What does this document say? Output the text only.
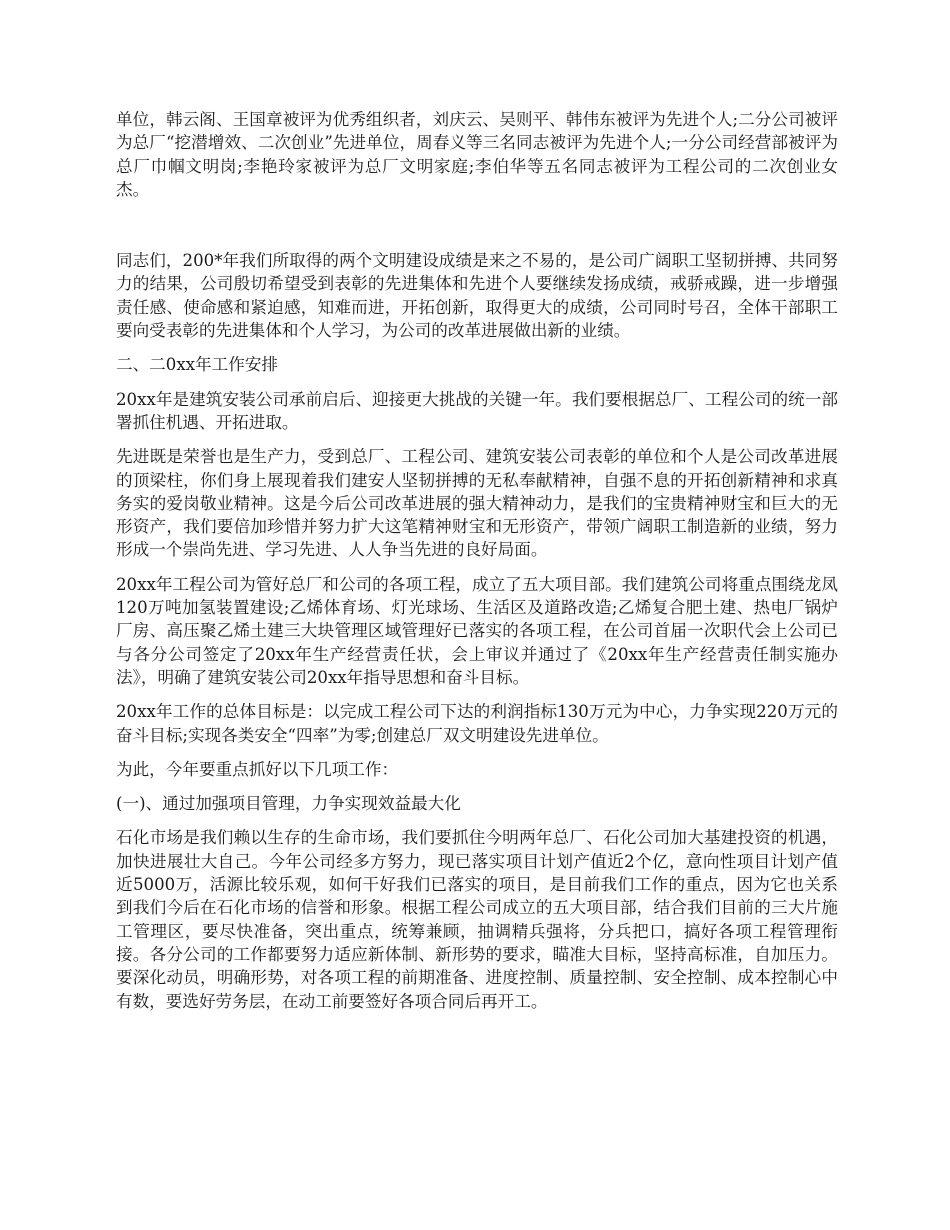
单位，韩云阁、王国章被评为优秀组织者，刘庆云、吴则平、韩伟东被评为先进个人;二分公司被评为总厂“挖潜增效、二次创业”先进单位，周春义等三名同志被评为先进个人;一分公司经营部被评为总厂巾帼文明岗;李艳玲家被评为总厂文明家庭;李伯华等五名同志被评为工程公司的二次创业女杰。

同志们，200*年我们所取得的两个文明建设成绩是来之不易的，是公司广阔职工坚韧拼搏、共同努力的结果，公司殷切希望受到表彰的先进集体和先进个人要继续发扬成绩，戒骄戒躁，进一步增强责任感、使命感和紧迫感，知难而进，开拓创新，取得更大的成绩，公司同时号召，全体干部职工要向受表彰的先进集体和个人学习，为公司的改革进展做出新的业绩。

二、二0xx年工作安排

20xx年是建筑安装公司承前启后、迎接更大挑战的关键一年。我们要根据总厂、工程公司的统一部署抓住机遇、开拓进取。

先进既是荣誉也是生产力，受到总厂、工程公司、建筑安装公司表彰的单位和个人是公司改革进展的顶梁柱，你们身上展现着我们建安人坚韧拼搏的无私奉献精神，自强不息的开拓创新精神和求真务实的爱岗敬业精神。这是今后公司改革进展的强大精神动力，是我们的宝贵精神财宝和巨大的无形资产，我们要倍加珍惜并努力扩大这笔精神财宝和无形资产，带领广阔职工制造新的业绩，努力形成一个崇尚先进、学习先进、人人争当先进的良好局面。

20xx年工程公司为管好总厂和公司的各项工程，成立了五大项目部。我们建筑公司将重点围绕龙凤120万吨加氢装置建设;乙烯体育场、灯光球场、生活区及道路改造;乙烯复合肥土建、热电厂锅炉厂房、高压聚乙烯土建三大块管理区域管理好已落实的各项工程，在公司首届一次职代会上公司已与各分公司签定了20xx年生产经营责任状，会上审议并通过了《20xx年生产经营责任制实施办法》，明确了建筑安装公司20xx年指导思想和奋斗目标。

20xx年工作的总体目标是：以完成工程公司下达的利润指标130万元为中心，力争实现220万元的奋斗目标;实现各类安全“四率”为零;创建总厂双文明建设先进单位。

为此，今年要重点抓好以下几项工作：

(一)、通过加强项目管理，力争实现效益最大化

石化市场是我们赖以生存的生命市场，我们要抓住今明两年总厂、石化公司加大基建投资的机遇，加快进展壮大自己。今年公司经多方努力，现已落实项目计划产值近2个亿，意向性项目计划产值近5000万，活源比较乐观，如何干好我们已落实的项目，是目前我们工作的重点，因为它也关系到我们今后在石化市场的信誉和形象。根据工程公司成立的五大项目部，结合我们目前的三大片施工管理区，要尽快准备，突出重点，统筹兼顾，抽调精兵强将，分兵把口，搞好各项工程管理衔接。各分公司的工作都要努力适应新体制、新形势的要求，瞄准大目标，坚持高标准，自加压力。要深化动员，明确形势，对各项工程的前期准备、进度控制、质量控制、安全控制、成本控制心中有数，要选好劳务层，在动工前要签好各项合同后再开工。
